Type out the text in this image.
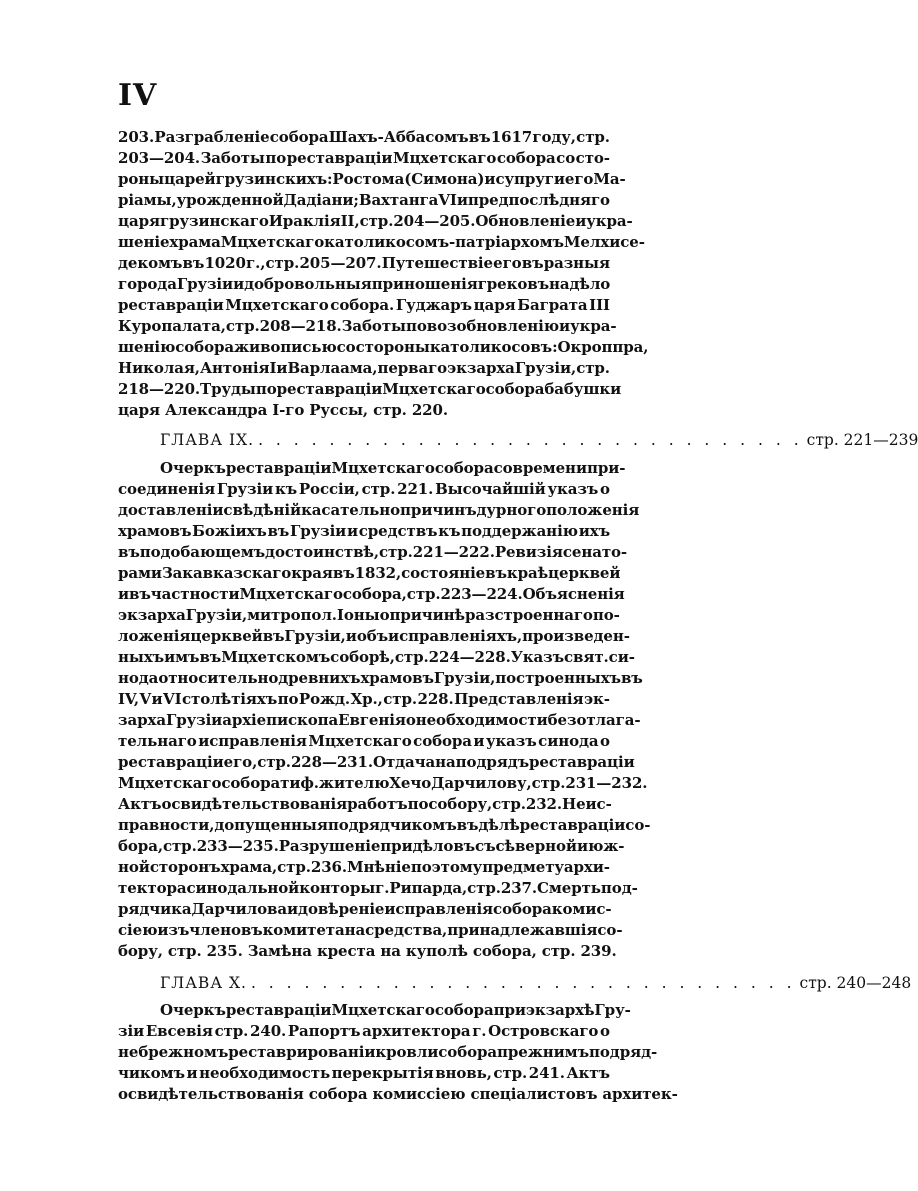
IV
203. Разграбленіе собора Шахъ-Аббасомъ въ 1617 году, стр.
203—204. Заботы по реставраціи Мцхетскаго собора со сто-
роны царей грузинскихъ: Ростома (Симона) и супруги его Ма-
ріамы, урожденной Дадіани; Вахтанга VI и предпослѣдняго
царя грузинскаго Ираклія II, стр. 204—205. Обновленіе и укра-
шеніе храма Мцхетскаго католикосомъ-патріархомъ Мелхисе-
декомъ въ 1020 г., стр. 205—207. Путешествіе его въ разныя
города Грузіи и добровольныя приношенія грековъ на дѣло
реставраціи Мцхетскаго собора. Гуджаръ царя Баграта III
Куропалата, стр. 208—218. Заботы по возобновленію и укра-
шенію собора живописью со стороны католикосовъ: Окроппра,
Николая, Антонія I и Варлаама, перваго экзарха Грузіи, стр.
218—220. Труды по реставраціи Мцхетскаго собора бабушки
царя Александра I-го Руссы, стр. 220.
ГЛАВА IX. . . . . . . . . . . . . . . . . . . . . . . . . . . . . . . . стр. 221—239
Очеркъ реставраціи Мцхетскаго собора со времени при-
соединенія Грузіи къ Россіи, стр. 221. Высочайшій указъ о
доставленіи свѣдѣній касательно причинъ дурного положенія
храмовъ Божіихъ въ Грузіи и средствъ къ поддержанію ихъ
въ подобающемъ достоинствѣ, стр. 221—222. Ревизія сенато-
рами Закавказскаго края въ 1832, состояніе въ краѣ церквей
и въ частности Мцхетскаго собора, стр. 223—224. Объясненія
экзарха Грузіи, митропол. Іоны о причинѣ разстроеннаго по-
ложенія церквей въ Грузіи, и объ исправленіяхъ, произведен-
ныхъ имъ въ Мцхетскомъ соборѣ, стр. 224—228. Указъ свят. си-
нода относительно древнихъ храмовъ Грузіи, построенныхъ въ
IV, V и VI столѣтіяхъ по Рожд. Хр., стр. 228. Представленія эк-
зарха Грузіи архіепископа Евгенія о необходимости безотлага-
тельнаго исправленія Мцхетскаго собора и указъ синода о
реставраціи его, стр. 228—231. Отдача на подрядъ реставраціи
Мцхетскаго собора тиф. жителю Хечо Дарчилову, стр. 231—232.
Актъ освидѣтельствованія работъ по собору, стр. 232. Неис-
правности, допущенныя подрядчикомъ въ дѣлѣ реставраціи со-
бора, стр. 233—235. Разрушеніе придѣловъ съ сѣверной и юж-
ной сторонъ храма, стр. 236. Мнѣніе по этому предмету архи-
тектора синодальной конторы г. Рипарда, стр. 237. Смерть под-
рядчика Дарчилова и довѣреніе исправленія собора комис-
сіею изъ членовъ комитета на средства, принадлежавшія со-
бору, стр. 235. Замѣна креста на куполѣ собора, стр. 239.
ГЛАВА X. . . . . . . . . . . . . . . . . . . . . . . . . . . . . . . . стр. 240—248
Очеркъ реставраціи Мцхетскаго собора при экзархѣ Гру-
зіи Евсевія стр. 240. Рапортъ архитектора г. Островскаго о
небрежномъ реставрированіи кровли собора прежнимъ подряд-
чикомъ и необходимость перекрытія вновь, стр. 241. Актъ
освидѣтельствованія собора комиссіею спеціалистовъ архитек-
